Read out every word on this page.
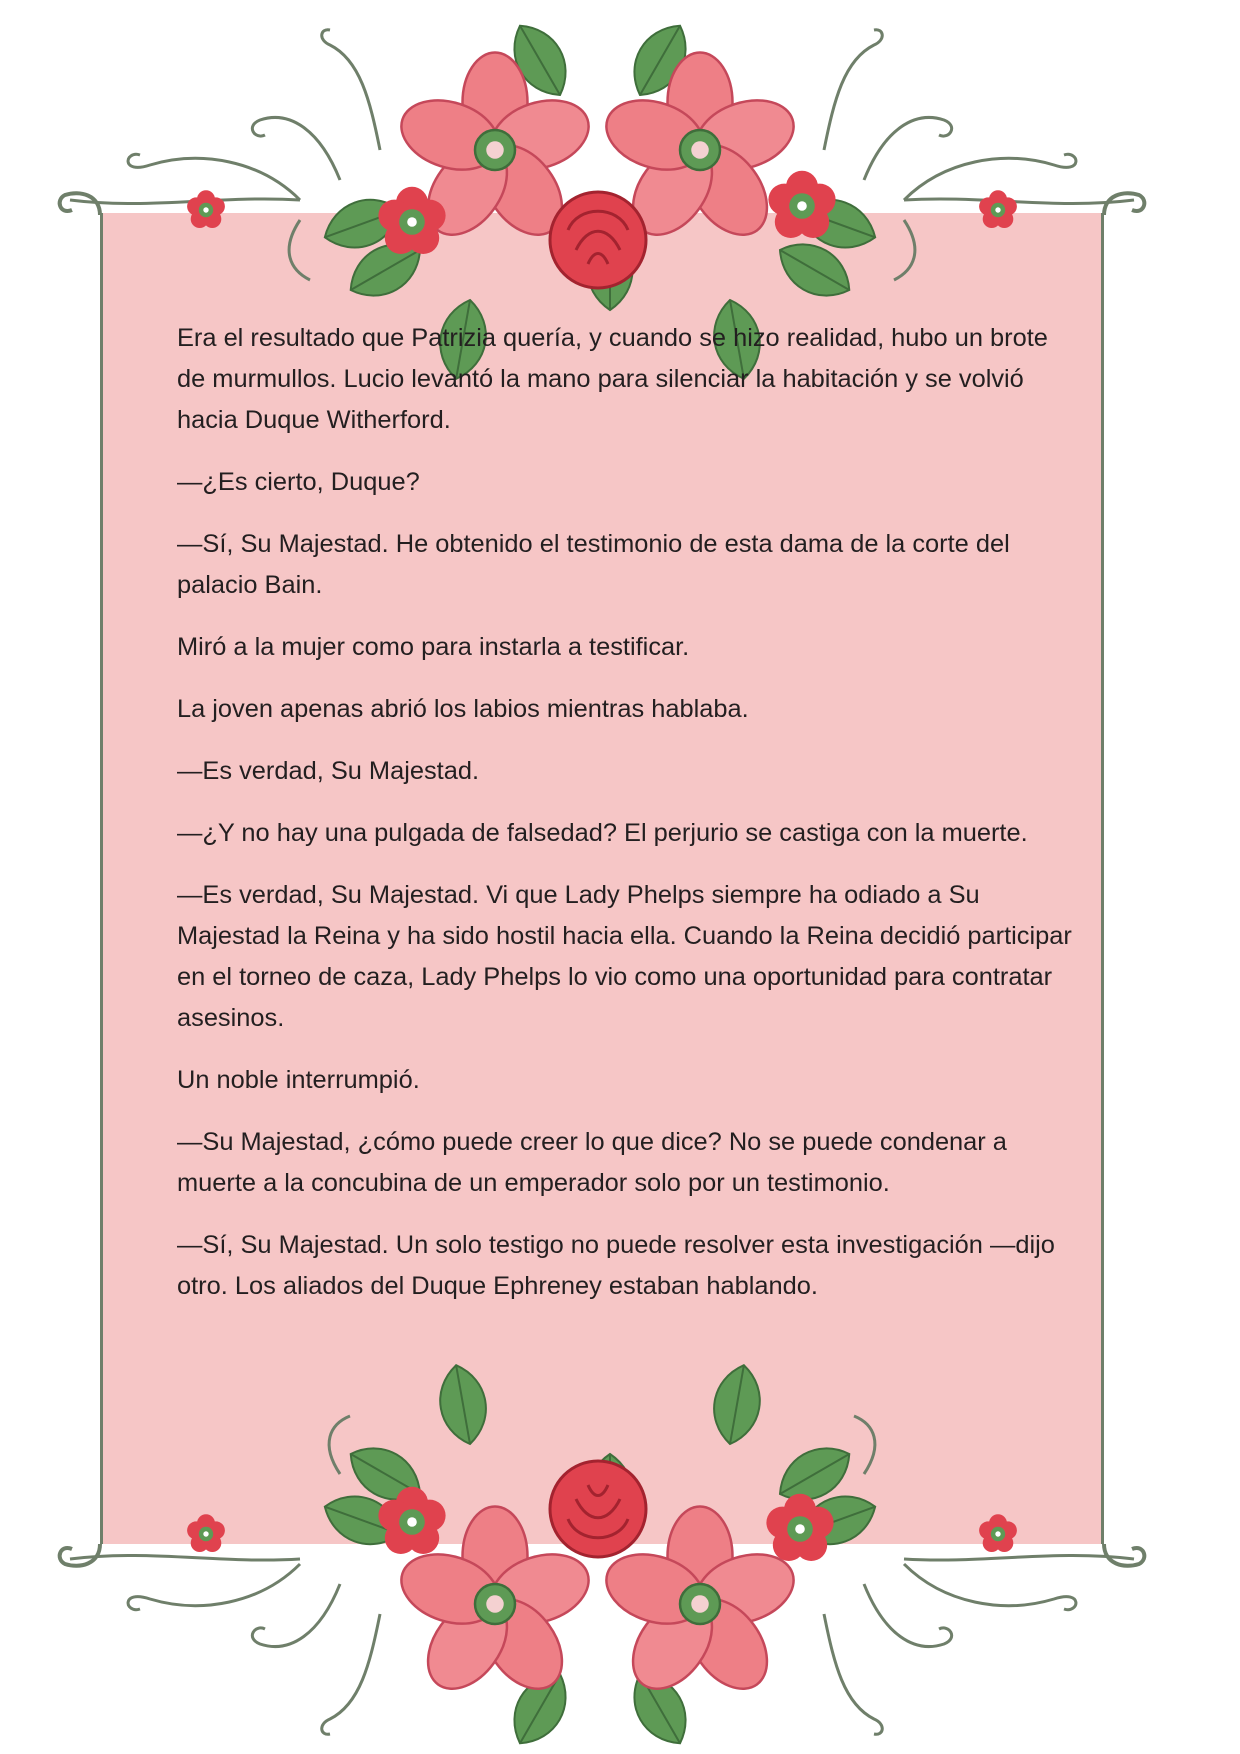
Era el resultado que Patrizia quería, y cuando se hizo realidad, hubo un brote de murmullos. Lucio levantó la mano para silenciar la habitación y se volvió hacia Duque Witherford.

—¿Es cierto, Duque?

—Sí, Su Majestad. He obtenido el testimonio de esta dama de la corte del palacio Bain.

Miró a la mujer como para instarla a testificar.

La joven apenas abrió los labios mientras hablaba.

—Es verdad, Su Majestad.

—¿Y no hay una pulgada de falsedad? El perjurio se castiga con la muerte.

—Es verdad, Su Majestad. Vi que Lady Phelps siempre ha odiado a Su Majestad la Reina y ha sido hostil hacia ella. Cuando la Reina decidió participar en el torneo de caza, Lady Phelps lo vio como una oportunidad para contratar asesinos.

Un noble interrumpió.

—Su Majestad, ¿cómo puede creer lo que dice? No se puede condenar a muerte a la concubina de un emperador solo por un testimonio.

—Sí, Su Majestad. Un solo testigo no puede resolver esta investigación —dijo otro. Los aliados del Duque Ephreney estaban hablando.
